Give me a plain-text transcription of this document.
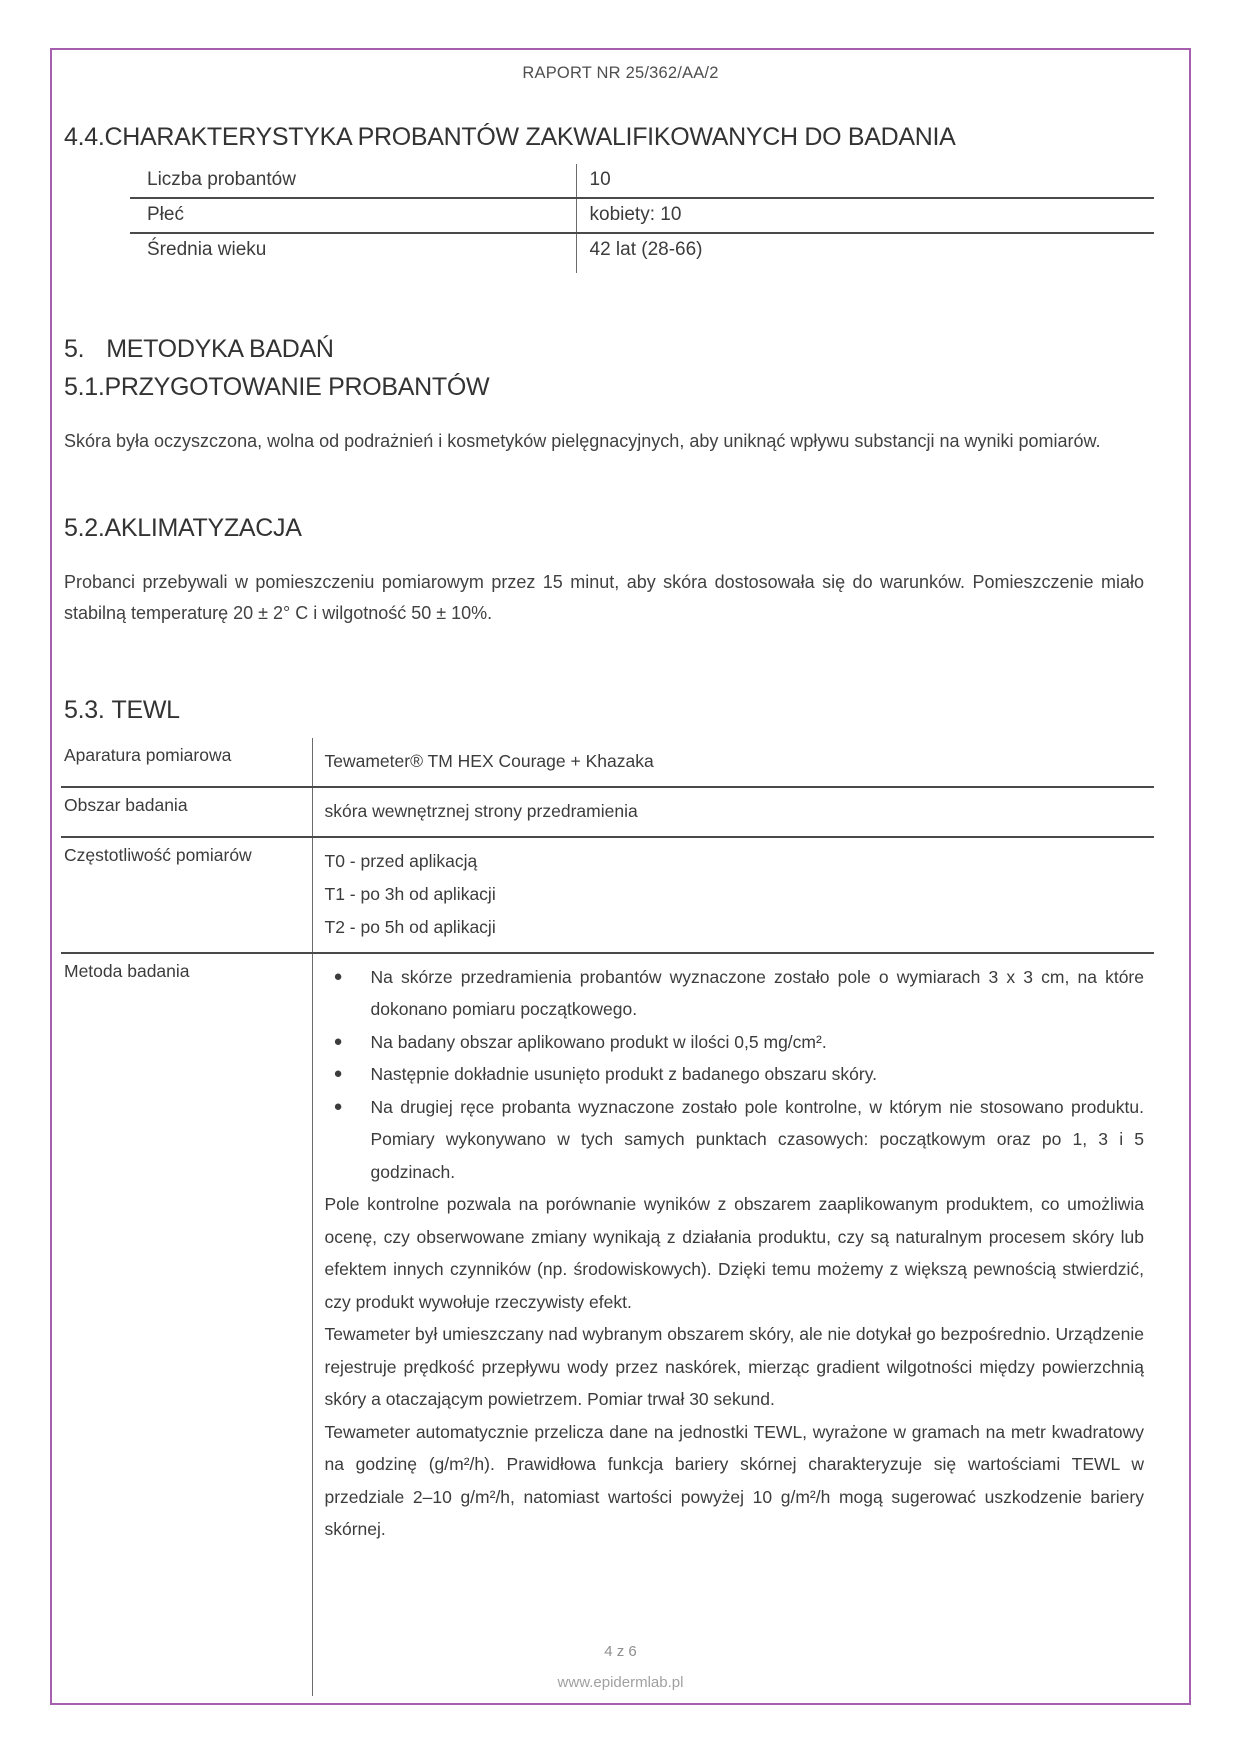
RAPORT NR 25/362/AA/2
4.4.CHARAKTERYSTYKA PROBANTÓW ZAKWALIFIKOWANYCH DO BADANIA
Liczba probantów	10
Płeć	kobiety: 10
Średnia wieku	42 lat (28-66)
5. METODYKA BADAŃ
5.1.PRZYGOTOWANIE PROBANTÓW

Skóra była oczyszczona, wolna od podrażnień i kosmetyków pielęgnacyjnych, aby uniknąć wpływu substancji na wyniki pomiarów.

5.2.AKLIMATYZACJA

Probanci przebywali w pomieszczeniu pomiarowym przez 15 minut, aby skóra dostosowała się do warunków. Pomieszczenie miało stabilną temperaturę 20 ± 2° C i wilgotność 50 ± 10%.

5.3. TEWL
Aparatura pomiarowa	Tewameter® TM HEX Courage + Khazaka
Obszar badania	skóra wewnętrznej strony przedramienia
Częstotliwość pomiarów	T0 - przed aplikacją
T1 - po 3h od aplikacji
T2 - po 5h od aplikacji

Metoda badania	● Na skórze przedramienia probantów wyznaczone zostało pole o wymiarach 3 x 3 cm, na które dokonano pomiaru początkowego.
● Na badany obszar aplikowano produkt w ilości 0,5 mg/cm².
● Następnie dokładnie usunięto produkt z badanego obszaru skóry.
● Na drugiej ręce probanta wyznaczone zostało pole kontrolne, w którym nie stosowano produktu. Pomiary wykonywano w tych samych punktach czasowych: początkowym oraz po 1, 3 i 5 godzinach.

Pole kontrolne pozwala na porównanie wyników z obszarem zaaplikowanym produktem, co umożliwia ocenę, czy obserwowane zmiany wynikają z działania produktu, czy są naturalnym procesem skóry lub efektem innych czynników (np. środowiskowych). Dzięki temu możemy z większą pewnością stwierdzić, czy produkt wywołuje rzeczywisty efekt.

Tewameter był umieszczany nad wybranym obszarem skóry, ale nie dotykał go bezpośrednio. Urządzenie rejestruje prędkość przepływu wody przez naskórek, mierząc gradient wilgotności między powierzchnią skóry a otaczającym powietrzem. Pomiar trwał 30 sekund.

Tewameter automatycznie przelicza dane na jednostki TEWL, wyrażone w gramach na metr kwadratowy na godzinę (g/m²/h). Prawidłowa funkcja bariery skórnej charakteryzuje się wartościami TEWL w przedziale 2–10 g/m²/h, natomiast wartości powyżej 10 g/m²/h mogą sugerować uszkodzenie bariery skórnej.

4 z 6
www.epidermlab.pl
